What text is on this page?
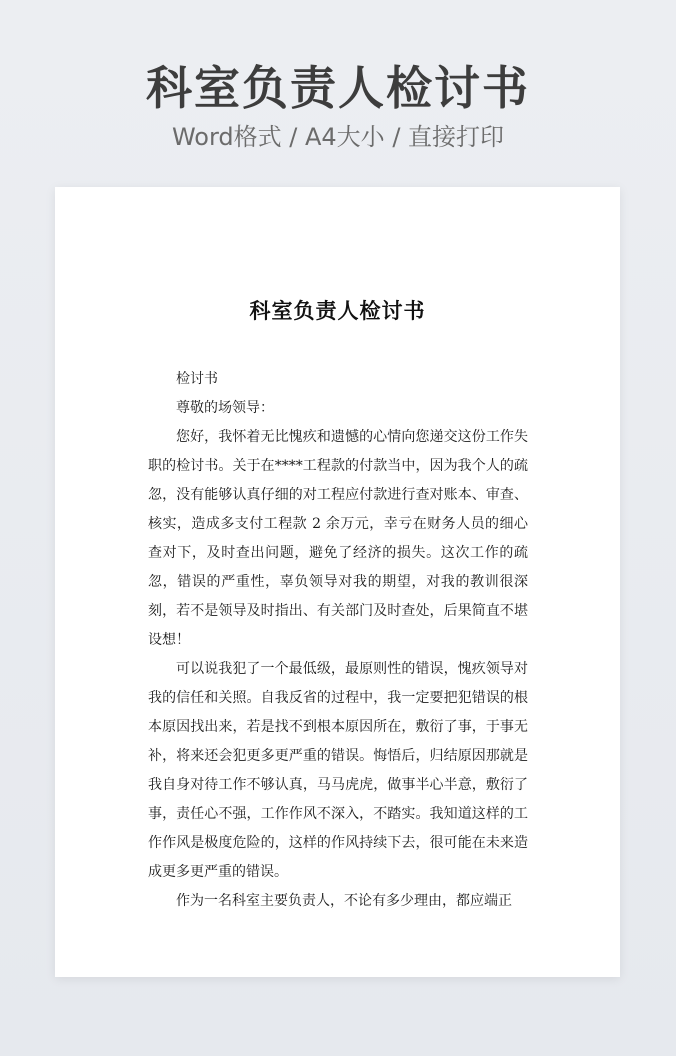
科室负责人检讨书
Word格式 / A4大小 / 直接打印
科室负责人检讨书

检讨书

尊敬的场领导：

您好，我怀着无比愧疚和遗憾的心情向您递交这份工作失职的检讨书。关于在****工程款的付款当中，因为我个人的疏忽，没有能够认真仔细的对工程应付款进行查对账本、审查、核实，造成多支付工程款 2 余万元，幸亏在财务人员的细心查对下，及时查出问题，避免了经济的损失。这次工作的疏忽，错误的严重性，辜负领导对我的期望，对我的教训很深刻，若不是领导及时指出、有关部门及时查处，后果简直不堪设想！

可以说我犯了一个最低级，最原则性的错误，愧疚领导对我的信任和关照。自我反省的过程中，我一定要把犯错误的根本原因找出来，若是找不到根本原因所在，敷衍了事，于事无补，将来还会犯更多更严重的错误。悔悟后，归结原因那就是我自身对待工作不够认真，马马虎虎，做事半心半意，敷衍了事，责任心不强，工作作风不深入，不踏实。我知道这样的工作作风是极度危险的，这样的作风持续下去，很可能在未来造成更多更严重的错误。

作为一名科室主要负责人，不论有多少理由，都应端正
